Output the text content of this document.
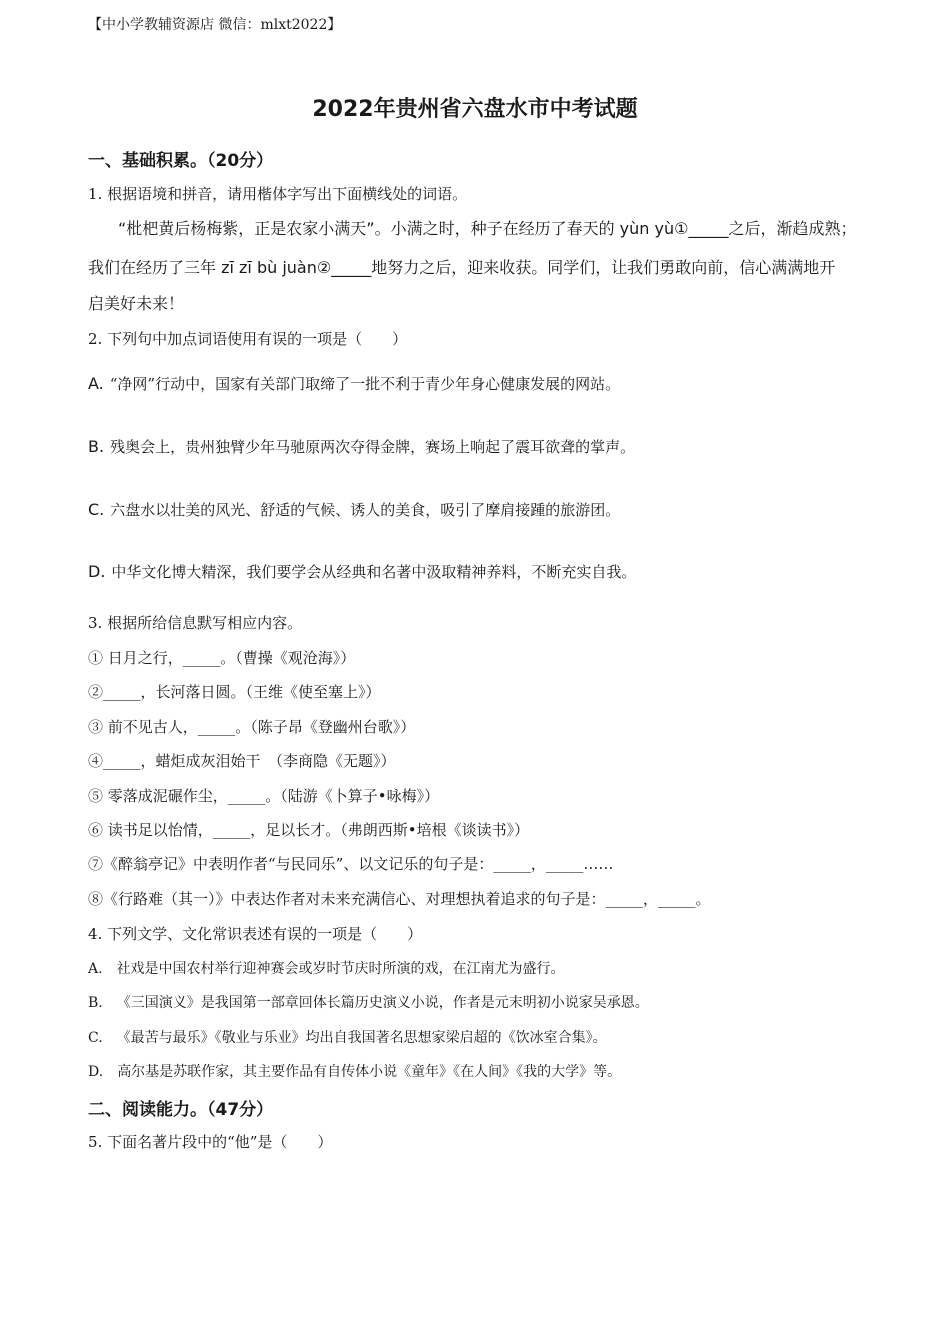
【中小学教辅资源店 微信：mlxt2022】
2022年贵州省六盘水市中考试题
一、基础积累。（20分）
1. 根据语境和拼音，请用楷体字写出下面横线处的词语。
“枇杷黄后杨梅紫，正是农家小满天”。小满之时，种子在经历了春天的 yùn yù①_____之后，渐趋成熟；
我们在经历了三年 zī zī bù juàn②_____地努力之后，迎来收获。同学们，让我们勇敢向前，信心满满地开
启美好未来！
2. 下列句中加点词语使用有误的一项是（　　）
A. “净网”行动中，国家有关部门取缔了一批不利于青少年身心健康发展的网站。
B. 残奥会上，贵州独臂少年马驰原两次夺得金牌，赛场上响起了震耳欲聋的掌声。
C. 六盘水以壮美的风光、舒适的气候、诱人的美食，吸引了摩肩接踵的旅游团。
D. 中华文化博大精深，我们要学会从经典和名著中汲取精神养料，不断充实自我。
3. 根据所给信息默写相应内容。
① 日月之行，_____。（曹操《观沧海》）
②_____，长河落日圆。（王维《使至塞上》）
③ 前不见古人，_____。（陈子昂《登幽州台歌》）
④_____，蜡炬成灰泪始干　（李商隐《无题》）
⑤ 零落成泥碾作尘，_____。（陆游《卜算子•咏梅》）
⑥ 读书足以怡情，_____，足以长才。（弗朗西斯•培根《谈读书》）
⑦《醉翁亭记》中表明作者“与民同乐”、以文记乐的句子是：_____，_____……
⑧《行路难（其一）》中表达作者对未来充满信心、对理想执着追求的句子是：_____，_____。
4. 下列文学、文化常识表述有误的一项是（　　）
A. 社戏是中国农村举行迎神赛会或岁时节庆时所演的戏，在江南尤为盛行。
B. 《三国演义》是我国第一部章回体长篇历史演义小说，作者是元末明初小说家吴承恩。
C. 《最苦与最乐》《敬业与乐业》均出自我国著名思想家梁启超的《饮冰室合集》。
D. 高尔基是苏联作家，其主要作品有自传体小说《童年》《在人间》《我的大学》等。
二、阅读能力。（47分）
5. 下面名著片段中的“他”是（　　）
